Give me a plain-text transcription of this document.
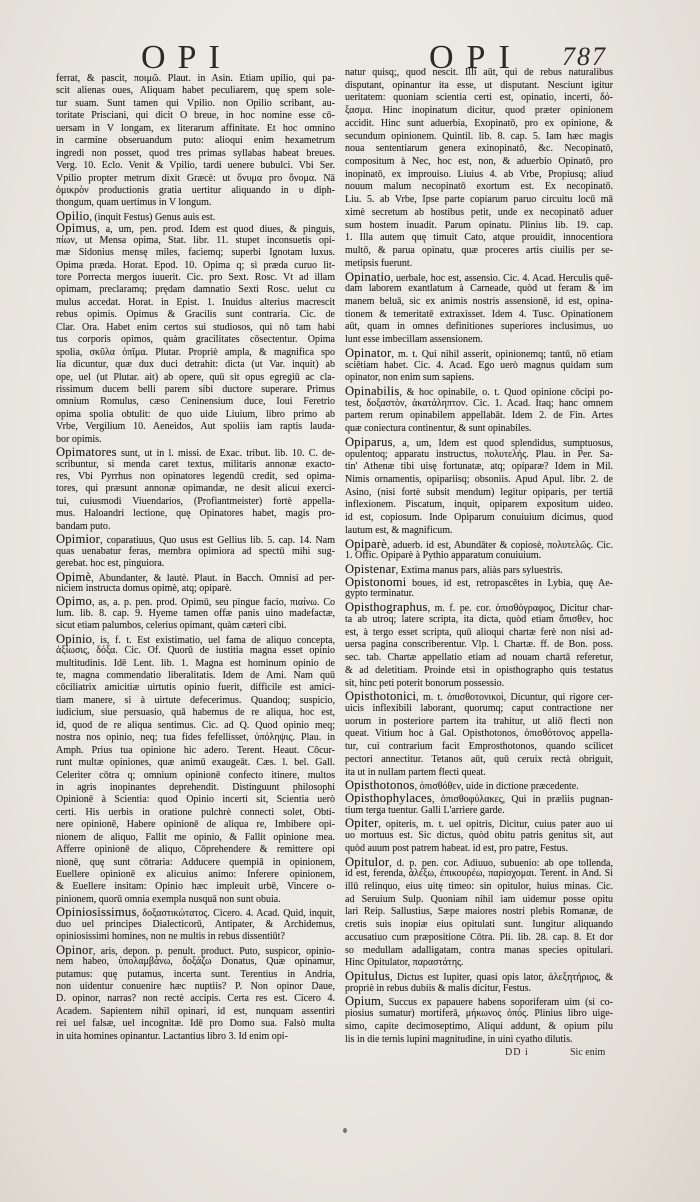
OPI	OPI 787
ferrat, & pascit, ποιμῶ. Plaut. in Asin. Etiam upilio, qui pa-
scit alienas oues, Aliquam habet peculiarem, quę spem sole-
tur suam. Sunt tamen qui Vpilio. non Opilio scribant, au-
toritate Prisciani, qui dicit O breue, in hoc nomine esse cō-
uersam in V longam, ex literarum affinitate. Et hoc omnino
in carmine obseruandum puto: alioqui enim hexametrum
ingredi non posset, quod tres primas syllabas habeat breues.
Verg. 10. Eclo. Venit & Vpilio, tardi uenere bubulci. Vbi Ser.
Vpilio propter metrum dixit Græcè: ut ὄνυμα pro ὄνομα. Nā
ὀμικρὸν productionis gratia uertitur aliquando in υ diph-
thongum, quam uertimus in V longum.
Opilio, (inquit Festus) Genus auis est.
Opimus, a, um, pen. prod. Idem est quod diues, & pinguis,
πίων, ut Mensa opima, Stat. libr. 11. stupet inconsuetis opi-
mæ Sidonius mensę miles, faciemq; superbi Ignotam luxus.
Opima præda. Horat. Epod. 10. Opima q; si præda curuo lit-
tore Porrecta mergos iuuerit. Cic. pro Sext. Rosc. Vt ad illam
opimam, preclaramq; prędam damnatio Sexti Rosc. uelut cu
mulus accedat. Horat. in Epist. 1. Inuidus alterius macrescit
rebus opimis. Opimus & Gracilis sunt contraria. Cic. de
Clar. Ora. Habet enim certos sui studiosos, qui nō tam habi
tus corporis opimos, quàm gracilitates cōsectentur. Opima
spolia, σκῦλα ὀπῖμα. Plutar. Propriè ampla, & magnifica spo
lia dicuntur, quæ dux duci detrahit: dicta (ut Var. inquit) ab
ope, uel (ut Plutar. ait) ab opere, quū sit opus egregiū ac cla-
rissimum ducem belli parem sibi ductore superare. Primus
omnium Romulus, cæso Ceninensium duce, Ioui Feretrio
opima spolia obtulit: de quo uide Liuium, libro primo ab
Vrbe, Vergilium 10. Aeneidos, Aut spoliis iam raptis lauda-
bor opimis.
Opimatores sunt, ut in l. missi. de Exac. tribut. lib. 10. C. de-
scribuntur, si menda caret textus, militaris annonæ exacto-
res, Vbi Pyrrhus non opinatores legendū credit, sed opima-
tores, qui præsunt annonæ opimandæ, ne desit alicui exerci-
tui, cuiusmodi Viuendarios, (Profiantmeister) fortè appella-
mus. Haloandri lectione, quę Opinatores habet, magis pro-
bandam puto.
Opimior, coparatiuus, Quo usus est Gellius lib. 5. cap. 14. Nam
quas uenabatur feras, membra opimiora ad spectū mihi sug-
gerebat. hoc est, pinguiora.
Opimè, Abundanter, & lautè. Plaut. in Bacch. Omnisi ad per-
niciem instructa domus opimè, atq; opiparè.
Opimo, as, a. p. pen. prod. Opimū, seu pingue facio, πιαίνω. Co
lum. lib. 8. cap. 9. Hyeme tamen offæ panis uino madefactæ,
sicut etiam palumbos, celerius opimant, quàm cæteri cibi.
Opinio, is, f. t. Est existimatio, uel fama de aliquo concepta,
ἀξίωσις, δόξα. Cic. Of. Quorū de iustitia magna esset opinio
multitudinis. Idē Lent. lib. 1. Magna est hominum opinio de
te, magna commendatio liberalitatis. Idem de Ami. Nam quū
cōciliatrix amicitiæ uirtutis opinio fuerit, difficile est amici-
tiam manere, si à uirtute defecerimus. Quandoq; suspicio,
iudicium, siue persuasio, quā habemus de re aliqua, hoc est,
id, quod de re aliqua sentimus. Cic. ad Q. Quod opinio meq;
nostra nos opinio, neq; tua fides fefellisset, ὑπόληψις. Plau. in
Amph. Prius tua opinione hic adero. Terent. Heaut. Cōcur-
runt multæ opiniones, quæ animū exaugeāt. Cæs. l. bel. Gall.
Celeriter cōtra q; omnium opinionē confecto itinere, multos
in agris inopinantes deprehendit. Distinguunt philosophi
Opinionē à Scientia: quod Opinio incerti sit, Scientia uerò
certi. His uerbis in oratione pulchrè connecti solet, Obti-
nere opinionē, Habere opinionē de aliqua re, Imbibere opi-
nionem de aliquo, Fallit me opinio, & Fallit opinione mea.
Afferre opinionē de aliquo, Cōprehendere & remittere opi
nionē, quę sunt cōtraria: Adducere quempiā in opinionem,
Euellere opinionē ex alicuius animo: Inferere opinionem,
& Euellere insitam: Opinio hæc impleuit urbē, Vincere o-
pinionem, quorū omnia exempla nusquā non sunt obuia.
Opiniosissimus, δοξαστικώτατος. Cicero. 4. Acad. Quid, inquit,
duo uel principes Dialecticorū, Antipater, & Archidemus,
opiniosissimi homines, non ne multis in rebus dissentiūt?
Opinor, aris, depon. p. penult. product. Puto, suspicor, opinio-
nem habeo, ὑπολαμβάνω, δοξάζω Donatus, Quæ opinamur,
putamus: quę putamus, incerta sunt. Terentius in Andria,
non uidentur conuenire hæc nuptiis? P. Non opinor Daue,
D. opinor, narras? non rectè accipis. Certa res est. Cicero 4.
Academ. Sapientem nihil opinari, id est, nunquam assentiri
rei uel falsæ, uel incognitæ. Idē pro Domo sua. Falsò multa
in uita homines opinantur. Lactantius libro 3. Id enim opi-
natur quisq;, quod nescit. Illi aūt, qui de rebus naturalibus
disputant, opinantur ita esse, ut disputant. Nesciunt igitur
ueritatem: quoniam scientia certi est, opinatio, incerti, δό-
ξασμα. Hinc inopinatum dicitur, quod præter opinionem
accidit. Hinc sunt aduerbia, Exopinatō, pro ex opinione, &
secundum opinionem. Quintil. lib. 8. cap. 5. Iam hæc magis
noua sententiarum genera exinopinatō, &c. Necopinatō,
compositum à Nec, hoc est, non, & aduerbio Opinatō, pro
inopinatō, ex improuiso. Liuius 4. ab Vrbe, Propiusq; aliud
nouum malum necopinatō exortum est. Ex necopinatō.
Liu. 5. ab Vrbe, Ipse parte copiarum paruo circuitu locū mā
ximè secretum ab hostibus petit, unde ex necopinatō aduer
sum hostem inuadit. Parum opinatu. Plinius lib. 19. cap.
1. Illa autem quę timuit Cato, atque prouidit, innocentiora
multō, & parua opinatu, quæ proceres artis ciuilis per se-
metipsis fuerunt.
Opinatio, uerbale, hoc est, assensio. Cic. 4. Acad. Herculis quē-
dam laborem exantlatum à Carneade, quòd ut feram & im
manem beluā, sic ex animis nostris assensionē, id est, opina-
tionem & temeritatē extraxisset. Idem 4. Tusc. Opinationem
aūt, quam in omnes definitiones superiores inclusimus, uo
lunt esse imbecillam assensionem.
Opinator, m. t. Qui nihil asserit, opinionemq; tantū, nō etiam
sciētiam habet. Cic. 4. Acad. Ego uerò magnus quidam sum
opinator, non enim sum sapiens.
Opinabilis, & hoc opinabile, o. t. Quod opinione cōcipi po-
test, δοξαστὸν, ἀκατάληπτον. Cic. 1. Acad. Itaq; hanc omnem
partem rerum opinabilem appellabāt. Idem 2. de Fin. Artes
quæ coniectura continentur, & sunt opinabiles.
Opiparus, a, um, Idem est quod splendidus, sumptuosus,
opulentoq; apparatu instructus, πολυτελής. Plau. in Per. Sa-
tin' Athenæ tibi uisę fortunatæ, atq; opiparæ? Idem in Mil.
Nimis ornamentis, opipariisq; obsoniis. Apud Apul. libr. 2. de
Asino, (nisi fortè subsit mendum) legitur opiparis, per tertiā
inflexionem. Piscatum, inquit, opiparem expositum uideo.
id est, copiosum. Inde Opiparum conuiuium dicimus, quod
lautum est, & magnificum.
Opiparè, aduerb. id est, Abundāter & copiosè, πολυτελῶς. Cic.
1. Offic. Opiparè à Pythio apparatum conuiuium.
Opistenar, Extima manus pars, aliàs pars syluestris.
Opistonomi boues, id est, retropascētes in Lybia, quę Ae-
gypto terminatur.
Opisthographus, m. f. pe. cor. ὀπισθόγραφος, Dicitur char-
ta ab utroq; latere scripta, ita dicta, quòd etiam ὄπισθεν, hoc
est, à tergo esset scripta, quū alioqui chartæ ferè non nisi ad-
uersa pagina conscriberentur. Vlp. l. Chartæ. ff. de Bon. poss.
sec. tab. Chartæ appellatio etiam ad nouam chartā referetur,
& ad deletitiam. Proinde etsi in opisthographo quis testatus
sit, hinc peti poterit bonorum possessio.
Opisthotonici, m. t. ὀπισθοτονικοὶ, Dicuntur, qui rigore cer-
uicis inflexibili laborant, quorumq; caput contractione ner
uorum in posteriore partem ita trahitur, ut aliō flecti non
queat. Vitium hoc à Gal. Opisthotonos, ὀπισθότονος appella-
tur, cui contrarium facit Emprosthotonos, quando scilicet
pectori annectitur. Tetanos aūt, quū ceruix rectà obriguit,
ita ut in nullam partem flecti queat.
Opisthotonos, ὀπισθόθεν, uide in dictione præcedente.
Opisthophylaces, ὀπισθοφύλακες, Qui in præliis pugnan-
tium terga tuentur. Galli L'arriere garde.
Opiter, opiteris, m. t. uel opitris, Dicitur, cuius pater auo ui
uo mortuus est. Sic dictus, quòd obitu patris genitus sit, aut
quòd auum post patrem habeat. id est, pro patre, Festus.
Opitulor, d. p. pen. cor. Adiuuo, subuenio: ab ope tollenda,
id est, ferenda, ἀλέξω, ἐπικουρέω, παρίσχομαι. Terent. in And. Si
illū relinquo, eius uitę timeo: sin opitulor, huius minas. Cic.
ad Seruium Sulp. Quoniam nihil iam uidemur posse opitu
lari Reip. Sallustius, Sæpe maiores nostri plebis Romanæ, de
cretis suis inopiæ eius opitulati sunt. Iungitur aliquando
accusatiuo cum præpositione Cōtra. Pli. lib. 28. cap. 8. Et dor
so medullam adalligatam, contra manas species opitulari.
Hinc Opitulator, παραστάτης.
Opitulus, Dictus est Iupiter, quasi opis lator, ἀλεξητήριος, &
propriè in rebus dubiis & malis dicitur, Festus.
Opium, Succus ex papauere habens soporiferam uim (si co-
piosius sumatur) mortiferā, μήκωνος ὀπός. Plinius libro uige-
simo, capite decimoseptimo, Aliqui addunt, & opium pilu
lis in die ternis lupini magnitudine, in uini cyatho dilutis.
DD i	Sic enim
